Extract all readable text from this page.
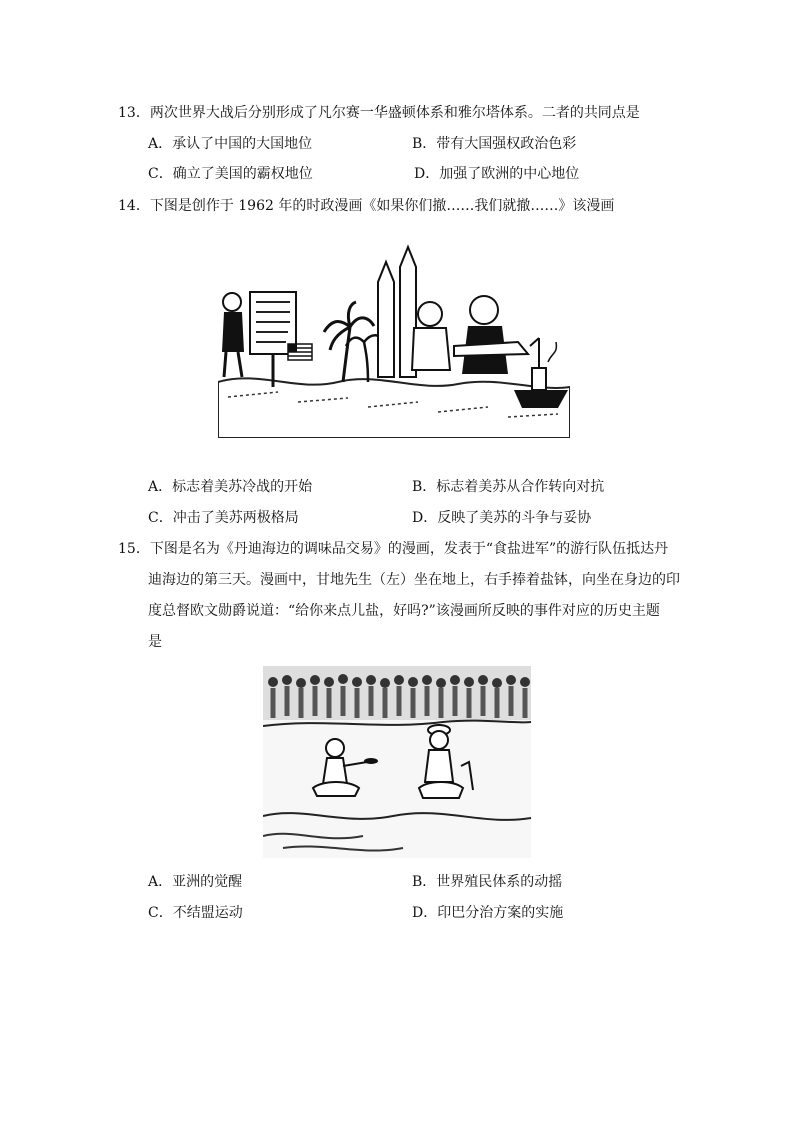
13．两次世界大战后分别形成了凡尔赛一华盛顿体系和雅尔塔体系。二者的共同点是
A．承认了中国的大国地位	B．带有大国强权政治色彩
C．确立了美国的霸权地位	D．加强了欧洲的中心地位
14．下图是创作于 1962 年的时政漫画《如果你们撤……我们就撤……》该漫画
A．标志着美苏冷战的开始	B．标志着美苏从合作转向对抗
C．冲击了美苏两极格局	D．反映了美苏的斗争与妥协
15．下图是名为《丹迪海边的调味品交易》的漫画，发表于“食盐进军”的游行队伍抵达丹
迪海边的第三天。漫画中，甘地先生（左）坐在地上，右手捧着盐钵，向坐在身边的印
度总督欧文勋爵说道：“给你来点儿盐，好吗?”该漫画所反映的事件对应的历史主题
是
A．亚洲的觉醒	B．世界殖民体系的动摇
C．不结盟运动	D．印巴分治方案的实施
